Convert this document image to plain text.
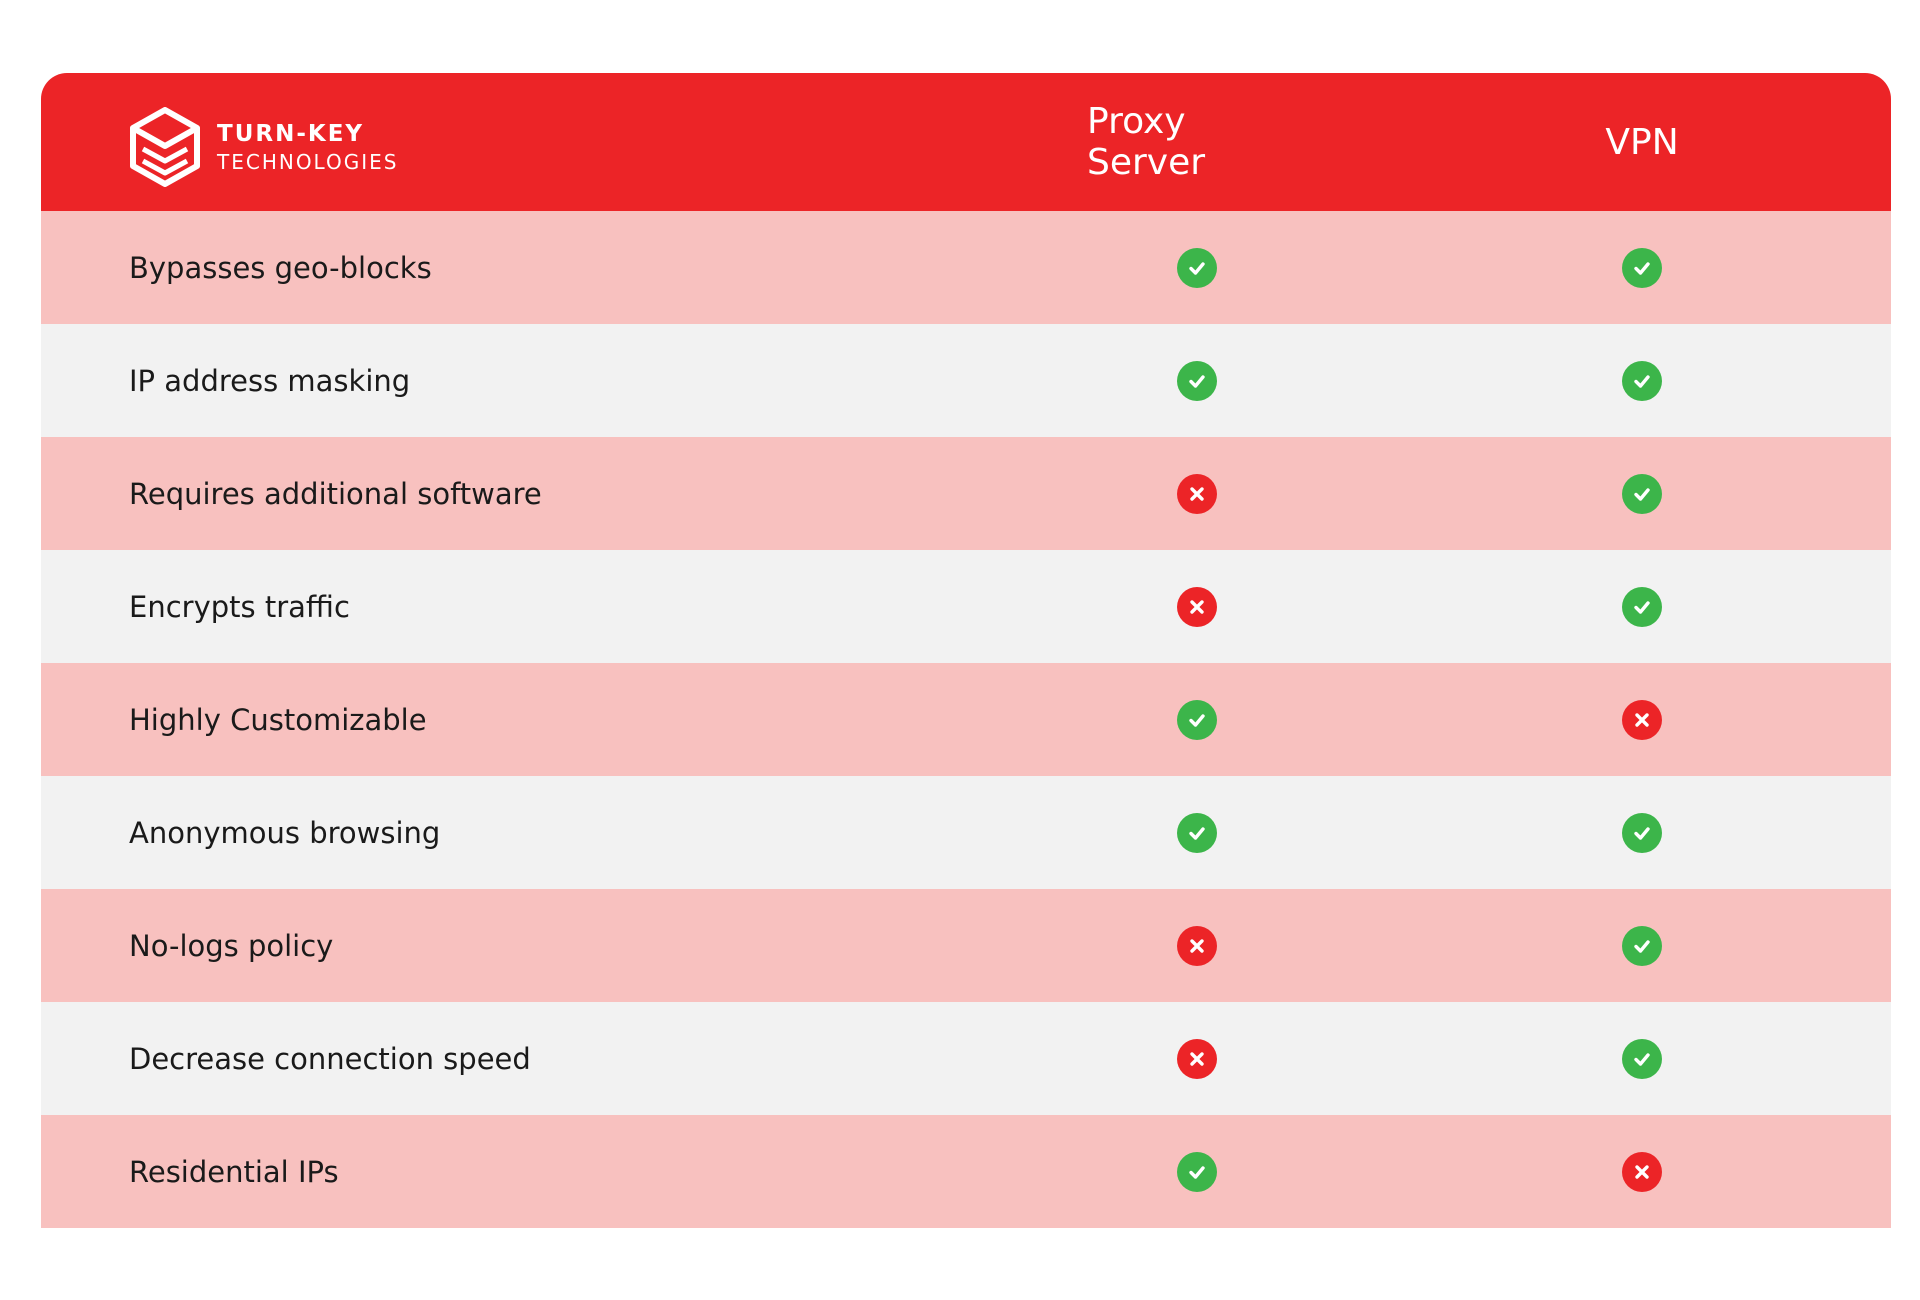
TURN-KEY
TECHNOLOGIES
Proxy Server	VPN
Bypasses geo-blocks
IP address masking
Requires additional software
Encrypts traffic
Highly Customizable
Anonymous browsing
No-logs policy
Decrease connection speed
Residential IPs
